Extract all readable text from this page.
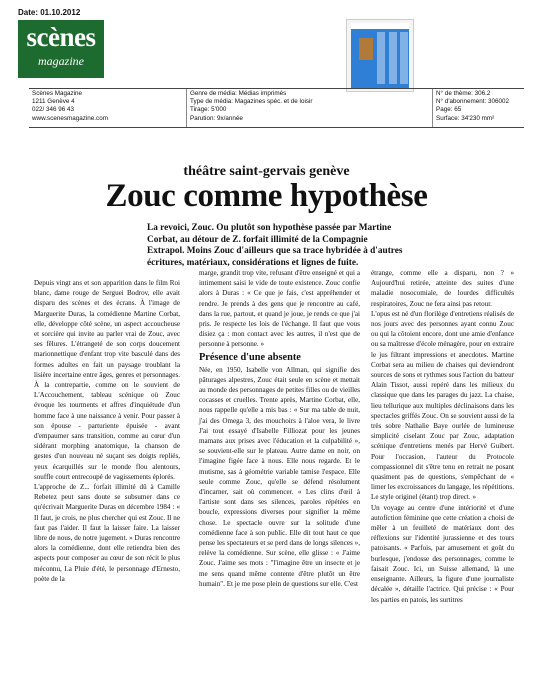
Date: 01.10.2012
scènes
magazine
Scènes Magazine
1211 Genève 4
022/ 346 96 43
www.scenesmagazine.com
Genre de média: Médias imprimés
Type de média: Magazines spéc. et de loisir
Tirage: 5'000
Parution: 9x/année
N° de thème: 306.2
N° d'abonnement: 306002
Page: 65
Surface: 34'230 mm²
théâtre saint-gervais genève
Zouc comme hypothèse
La revoici, Zouc. Ou plutôt son hypothèse passée par Martine Corbat, au détour de Z. forfait illimité de la Compagnie Extrapol. Moins Zouc d'ailleurs que sa trace hybridée à d'autres écritures, matériaux, considérations et lignes de fuite.

Depuis vingt ans et son apparition dans le film Roi blanc, dame rouge de Serguei Bodrov, elle avait disparu des scènes et des écrans. À l'image de Marguerite Duras, la comédienne Martine Corbat, elle, développe côté scène, un aspect accoucheuse et sorcière qui invite au parler vrai de Zouc, avec ses fêlures. L'étrangeté de son corps doucement marionnettique d'enfant trop vite basculé dans des formes adultes en fait un paysage troublant la lisière incertaine entre âges, genres et personnages. À la contrepartie, comme on le souvient de L'Accouchement, tableau scénique où Zouc évoque les tourments et affres d'inquiétude d'un homme face à une naissance à venir. Pour passer à son épouse - parturiente épuisée - avant d'empaumer sans transition, comme au cœur d'un sidérant morphing anatomique, la chanson de gestes d'un nouveau né suçant ses doigts repliés, yeux écarquillés sur le monde flou alentours, souffle court entrecoupé de vagissements éplorés.

L'approche de Z... forfait illimité dû à Camille Rebetez peut sans doute se subsumer dans ce qu'écrivait Marguerite Duras en décembre 1984 : « Il faut, je crois, ne plus chercher qui est Zouc. Il ne faut pas l'aider. Il faut la laisser faire. La laisser libre de nous, de notre jugement. » Duras rencontre alors la comédienne, dont elle retiendra bien des aspects pour composer au cœur de son récit le plus méconnu, La Pluie d'été, le personnage d'Ernesto, poète de la

marge, grandit trop vite, refusant d'être enseigné et qui a intimement saisi le vide de toute existence. Zouc confie alors à Duras : « Ce que je fais, c'est appréhender et rendre. Je prends à des gens que je rencontre au café, dans la rue, partout, et quand je joue, je rends ce que j'ai pris. Je respecte les lois de l'échange. Il faut que vous disiez ça : mon contact avec les autres, il n'est que de personne à personne. »

Présence d'une absente

Née, en 1950, Isabelle von Allman, qui signifie des pâturages alpestres, Zouc était seule en scène et mettait au monde des personnages de petites filles ou de vieilles cocasses et cruelles. Trente après, Martine Corbat, elle, nous rappelle qu'elle a mis bas : « Sur ma table de nuit, j'ai des Omega 3, des mouchoirs à l'aloe vera, le livre J'ai tout essayé d'Isabelle Filliozat pour les jeunes mamans aux prises avec l'éducation et la culpabilité », se souvient-elle sur le plateau. Autre dame en noir, on l'imagine figée face à nous. Elle nous regarde. Et le mutisme, sas à géométrie variable tamise l'espace. Elle seule comme Zouc, qu'elle se défend résolument d'incarner, sait où commencer. « Les clins d'œil à l'artiste sont dans ses silences, paroles répétées en boucle, expressions diverses pour signifier la même chose. Le spectacle ouvre sur la solitude d'une comédienne face à son public. Elle dit tout haut ce que pense les spectateurs et se perd dans de longs silences », relève la comédienne. Sur scène, elle glisse : « J'aime Zouc. J'aime ses mots : "l'imagine être un insecte et je me sens quand même contente d'être plutôt un être humain". Et je me pose plein de questions sur elle. C'est

étrange, comme elle a disparu, non ? » Aujourd'hui retirée, atteinte des suites d'une maladie nosocomiale, de lourdes difficultés respiratoires, Zouc ne fera ainsi pas retour.

L'opus est né d'un florilège d'entretiens réalisés de nos jours avec des personnes ayant connu Zouc ou qui la côtoient encore, dont une amie d'enfance ou sa maîtresse d'école ménagère, pour en extraire le jus filtrant impressions et anecdotes. Martine Corbat sera au milieu de chaises qui deviendront sources de sons et rythmes sous l'action du batteur Alain Tissot, aussi repéré dans les milieux du classique que dans les parages du jazz. La chaise, lieu tellurique aux multiples déclinaisons dans les spectacles griffés Zouc. On se souvient aussi de la très sobre Nathalie Baye ourlée de lumineuse simplicité ciselant Zouc par Zouc, adaptation scénique d'entretiens menés par Hervé Guibert. Pour l'occasion, l'auteur du Protocole compassionnel dit s'être tenu en retrait ne posant quasiment pas de questions, s'empêchant de « limer les excroissances du langage, les répétitions. Le style originel (étant) trop direct. »

Un voyage au centre d'une intériorité et d'une autofiction féminine que cette création a choisi de mêler à un feuilleté de matériaux dont des réflexions sur l'identité jurassienne et des tours patoisants. « Parfois, par amusement et goût du burlesque, j'endosse des personnages, comme le faisait Zouc. Ici, un Suisse allemand, là une enseignante. Ailleurs, la figure d'une journaliste décalée », détaille l'actrice. Qui précise : « Pour les parties en patois, les surtitres
